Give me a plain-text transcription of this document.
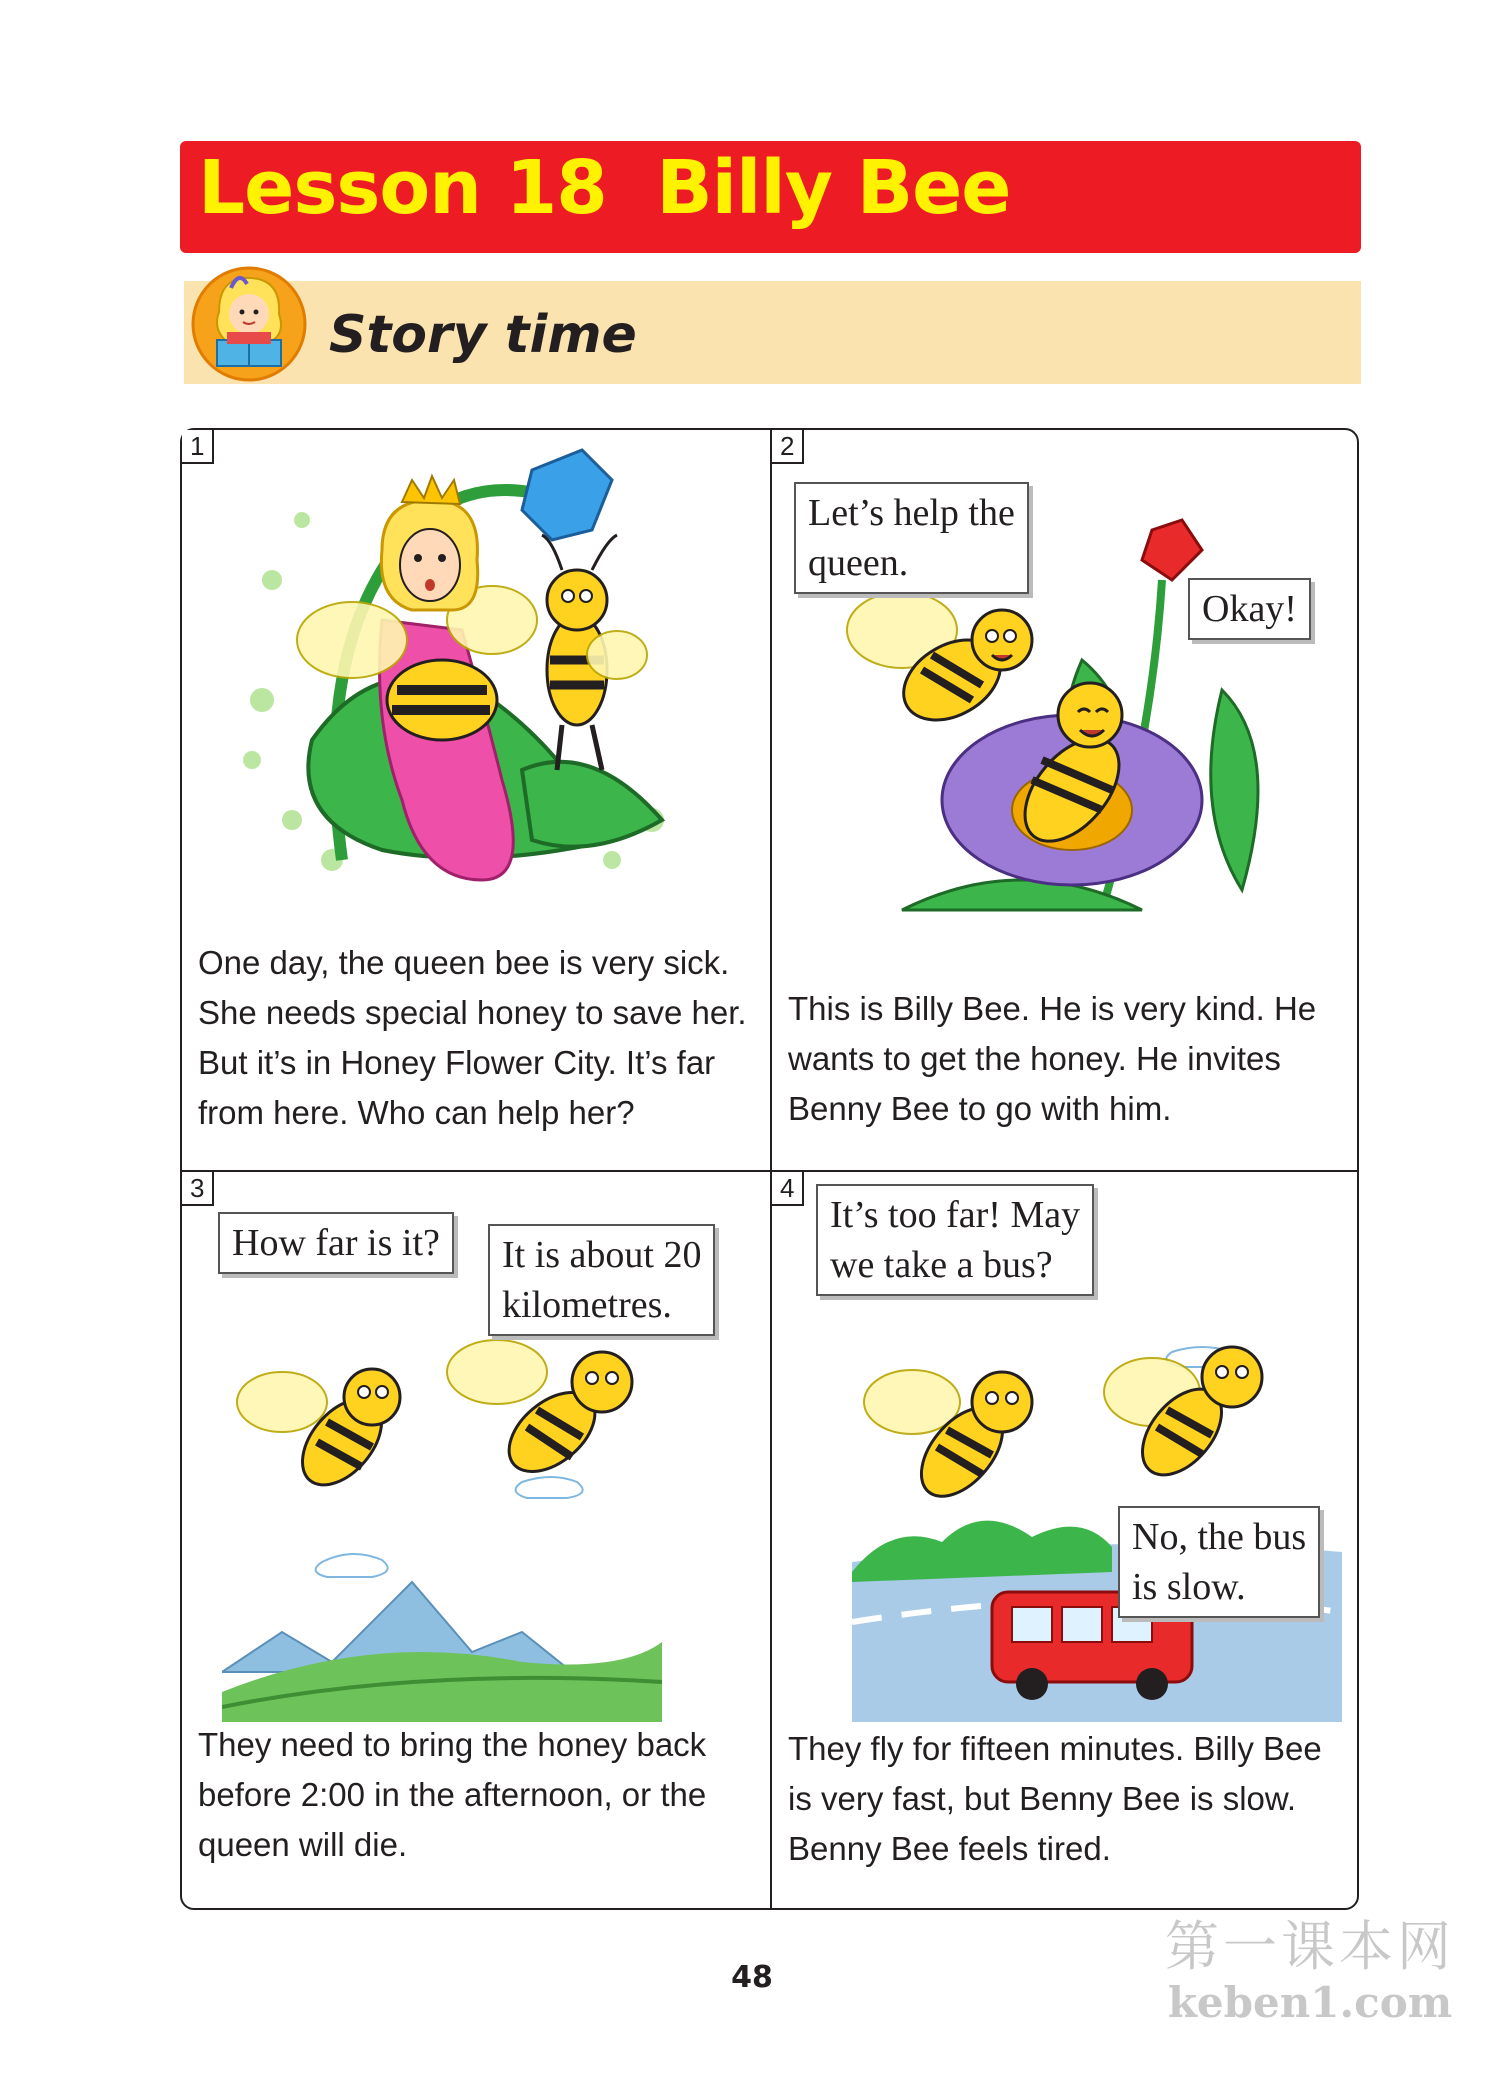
Lesson 18  Billy Bee
Story time
1
One day, the queen bee is very sick.
She needs special honey to save her.
But it’s in Honey Flower City. It’s far
from here. Who can help her?
2
Let’s help the
queen.
Okay!
This is Billy Bee. He is very kind. He
wants to get the honey. He invites
Benny Bee to go with him.
3
How far is it? It is about 20
kilometres.
They need to bring the honey back
before 2:00 in the afternoon, or the
queen will die.
4
It’s too far! May
we take a bus?
No, the bus
is slow.
They fly for fifteen minutes. Billy Bee
is very fast, but Benny Bee is slow.
Benny Bee feels tired.
48	第一课本网
keben1.com
